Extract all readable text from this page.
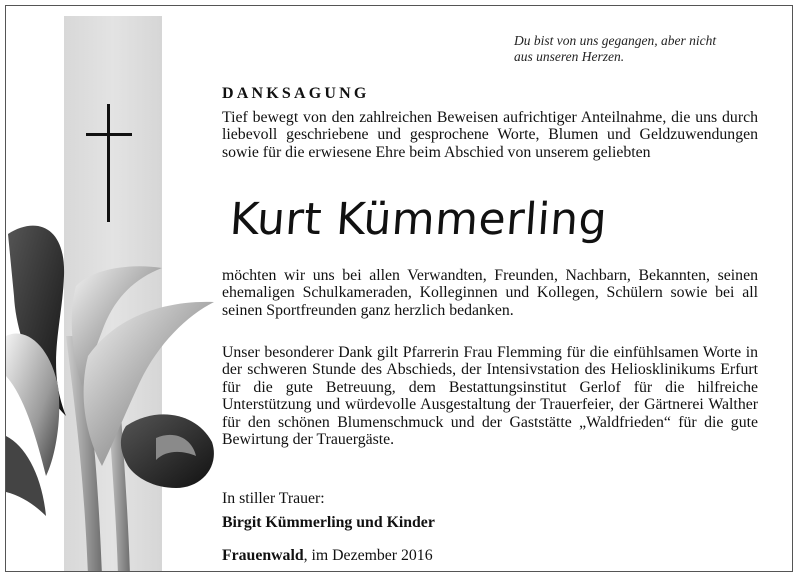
Du bist von uns gegangen, aber nicht
aus unseren Herzen.
DANKSAGUNG

Tief bewegt von den zahlreichen Beweisen aufrichtiger Anteilnahme, die uns durch liebevoll geschriebene und gesprochene Worte, Blumen und Geldzuwendungen sowie für die erwiesene Ehre beim Abschied von unserem geliebten

Kurt Kümmerling

möchten wir uns bei allen Verwandten, Freunden, Nachbarn, Bekannten, seinen ehemaligen Schulkameraden, Kolleginnen und Kollegen, Schülern sowie bei all seinen Sportfreunden ganz herzlich bedanken.

Unser besonderer Dank gilt Pfarrerin Frau Flemming für die einfühlsamen Worte in der schweren Stunde des Abschieds, der Intensivstation des Heliosklinikums Erfurt für die gute Betreuung, dem Bestattungsinstitut Gerlof für die hilfreiche Unterstützung und würdevolle Ausgestaltung der Trauerfeier, der Gärtnerei Walther für den schönen Blumenschmuck und der Gaststätte „Waldfrieden“ für die gute Bewirtung der Trauergäste.

In stiller Trauer:
Birgit Kümmerling und Kinder
Frauenwald, im Dezember 2016
